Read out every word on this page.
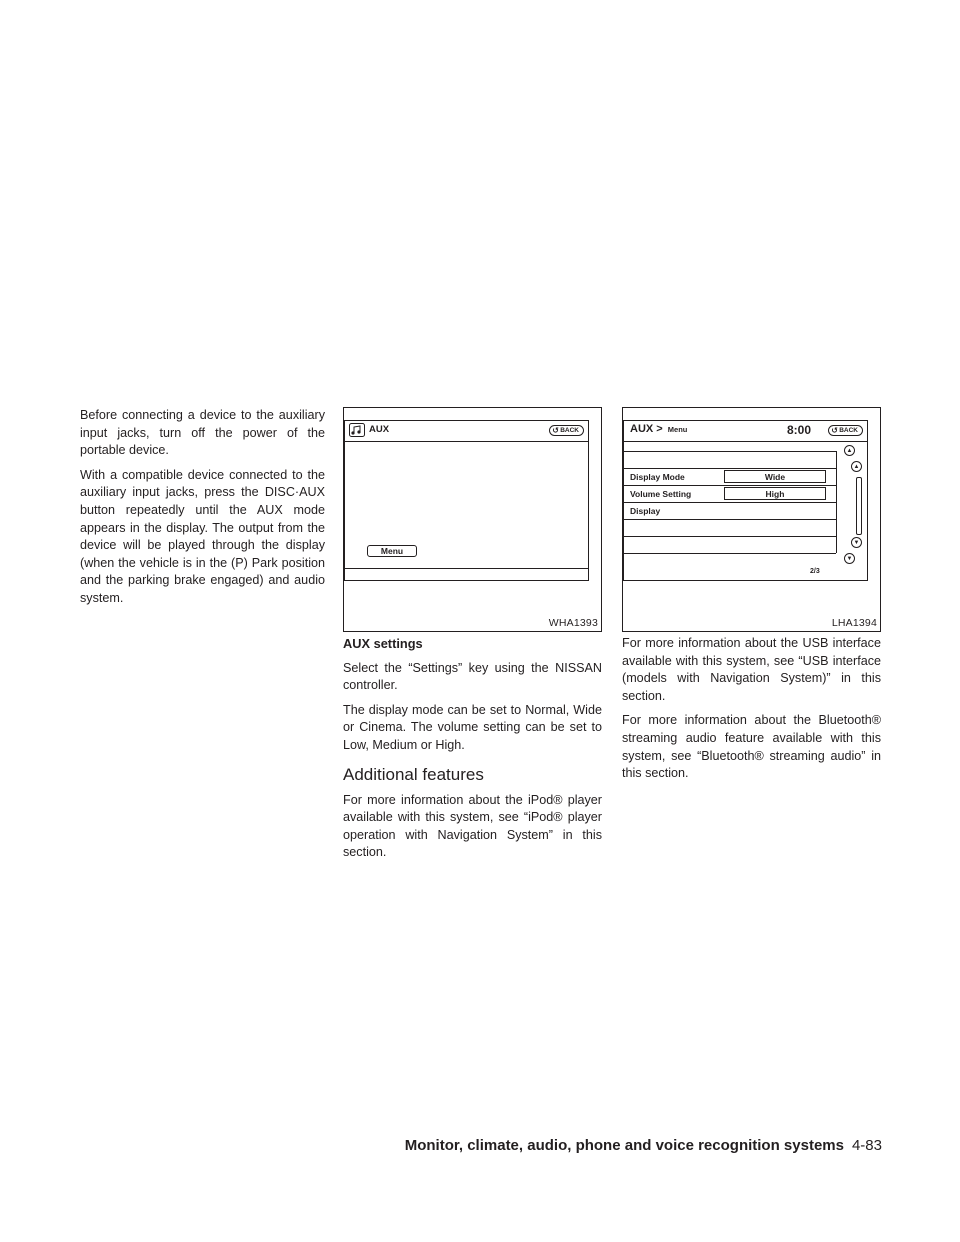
Before connecting a device to the auxiliary input jacks, turn off the power of the portable device.

With a compatible device connected to the auxiliary input jacks, press the DISC·AUX button repeatedly until the AUX mode appears in the display. The output from the device will be played through the display (when the vehicle is in the (P) Park position and the parking brake engaged) and audio system.

AUX	↺ BACK
Menu
WHA1393
AUX > Menu	8:00	↺ BACK
Display Mode	Wide
Volume Setting	High
Display
▲
▲
▼
▼
2/3
LHA1394
AUX settings

Select the “Settings” key using the NISSAN controller.

The display mode can be set to Normal, Wide or Cinema. The volume setting can be set to Low, Medium or High.

Additional features

For more information about the iPod® player available with this system, see “iPod® player operation with Navigation System” in this section.

For more information about the USB interface available with this system, see “USB interface (models with Navigation System)” in this section.

For more information about the Bluetooth® streaming audio feature available with this system, see “Bluetooth® streaming audio” in this section.

Monitor, climate, audio, phone and voice recognition systems 4-83
